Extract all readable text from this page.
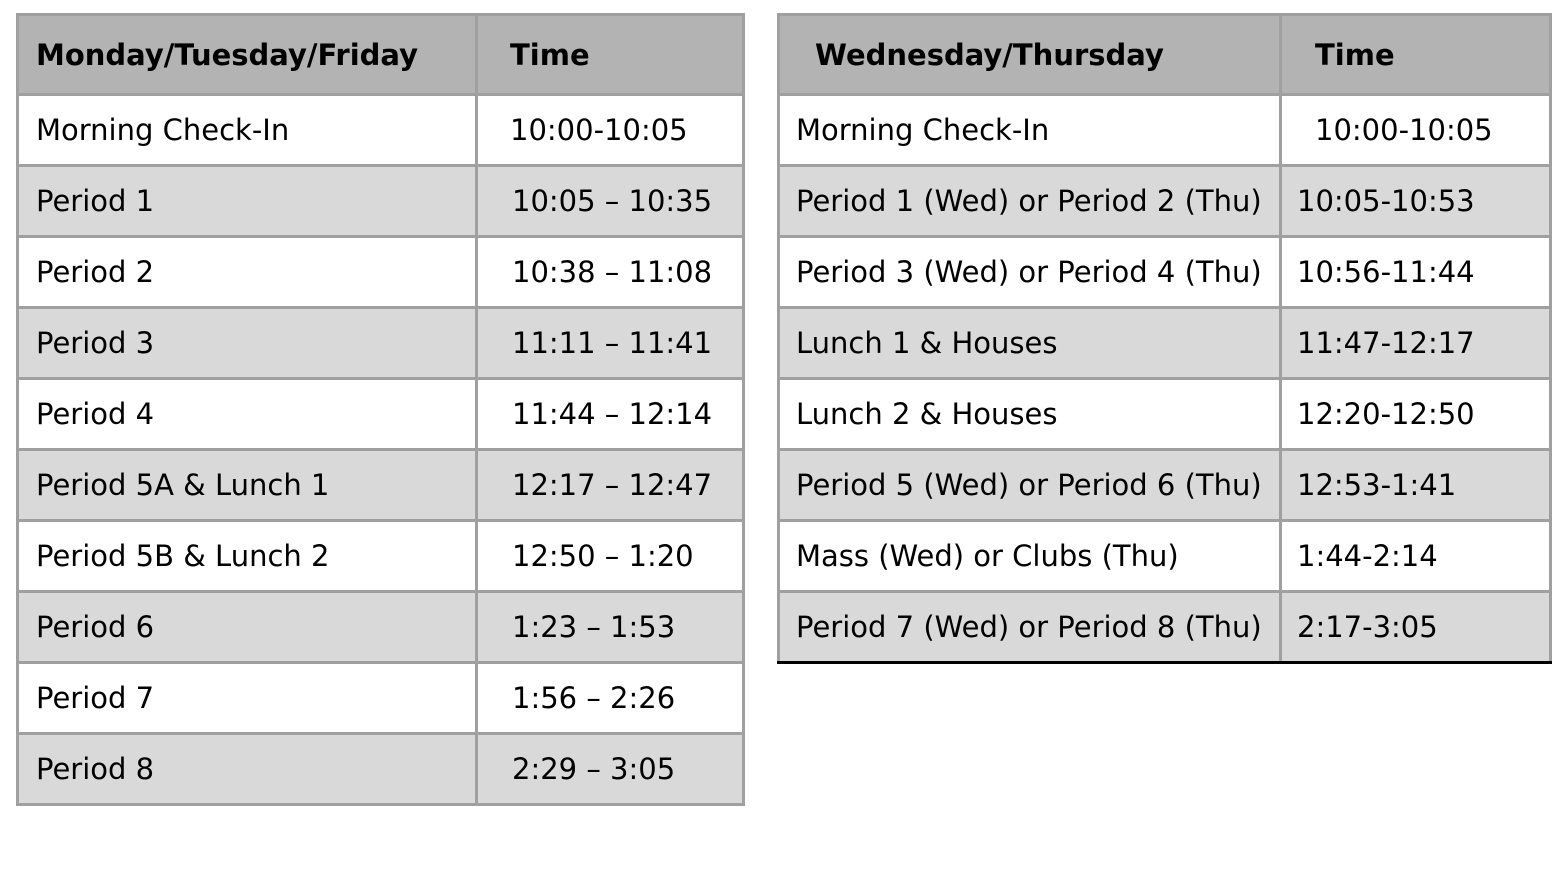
Monday/Tuesday/Friday	Time
Morning Check-In	10:00-10:05
Period 1	10:05 – 10:35
Period 2	10:38 – 11:08
Period 3	11:11 – 11:41
Period 4	11:44 – 12:14
Period 5A & Lunch 1	12:17 – 12:47
Period 5B & Lunch 2	12:50 – 1:20
Period 6	1:23 – 1:53
Period 7	1:56 – 2:26
Period 8	2:29 – 3:05
Wednesday/Thursday	Time
Morning Check-In	10:00-10:05
Period 1 (Wed) or Period 2 (Thu)	10:05-10:53
Period 3 (Wed) or Period 4 (Thu)	10:56-11:44
Lunch 1 & Houses	11:47-12:17
Lunch 2 & Houses	12:20-12:50
Period 5 (Wed) or Period 6 (Thu)	12:53-1:41
Mass (Wed) or Clubs (Thu)	1:44-2:14
Period 7 (Wed) or Period 8 (Thu)	2:17-3:05
